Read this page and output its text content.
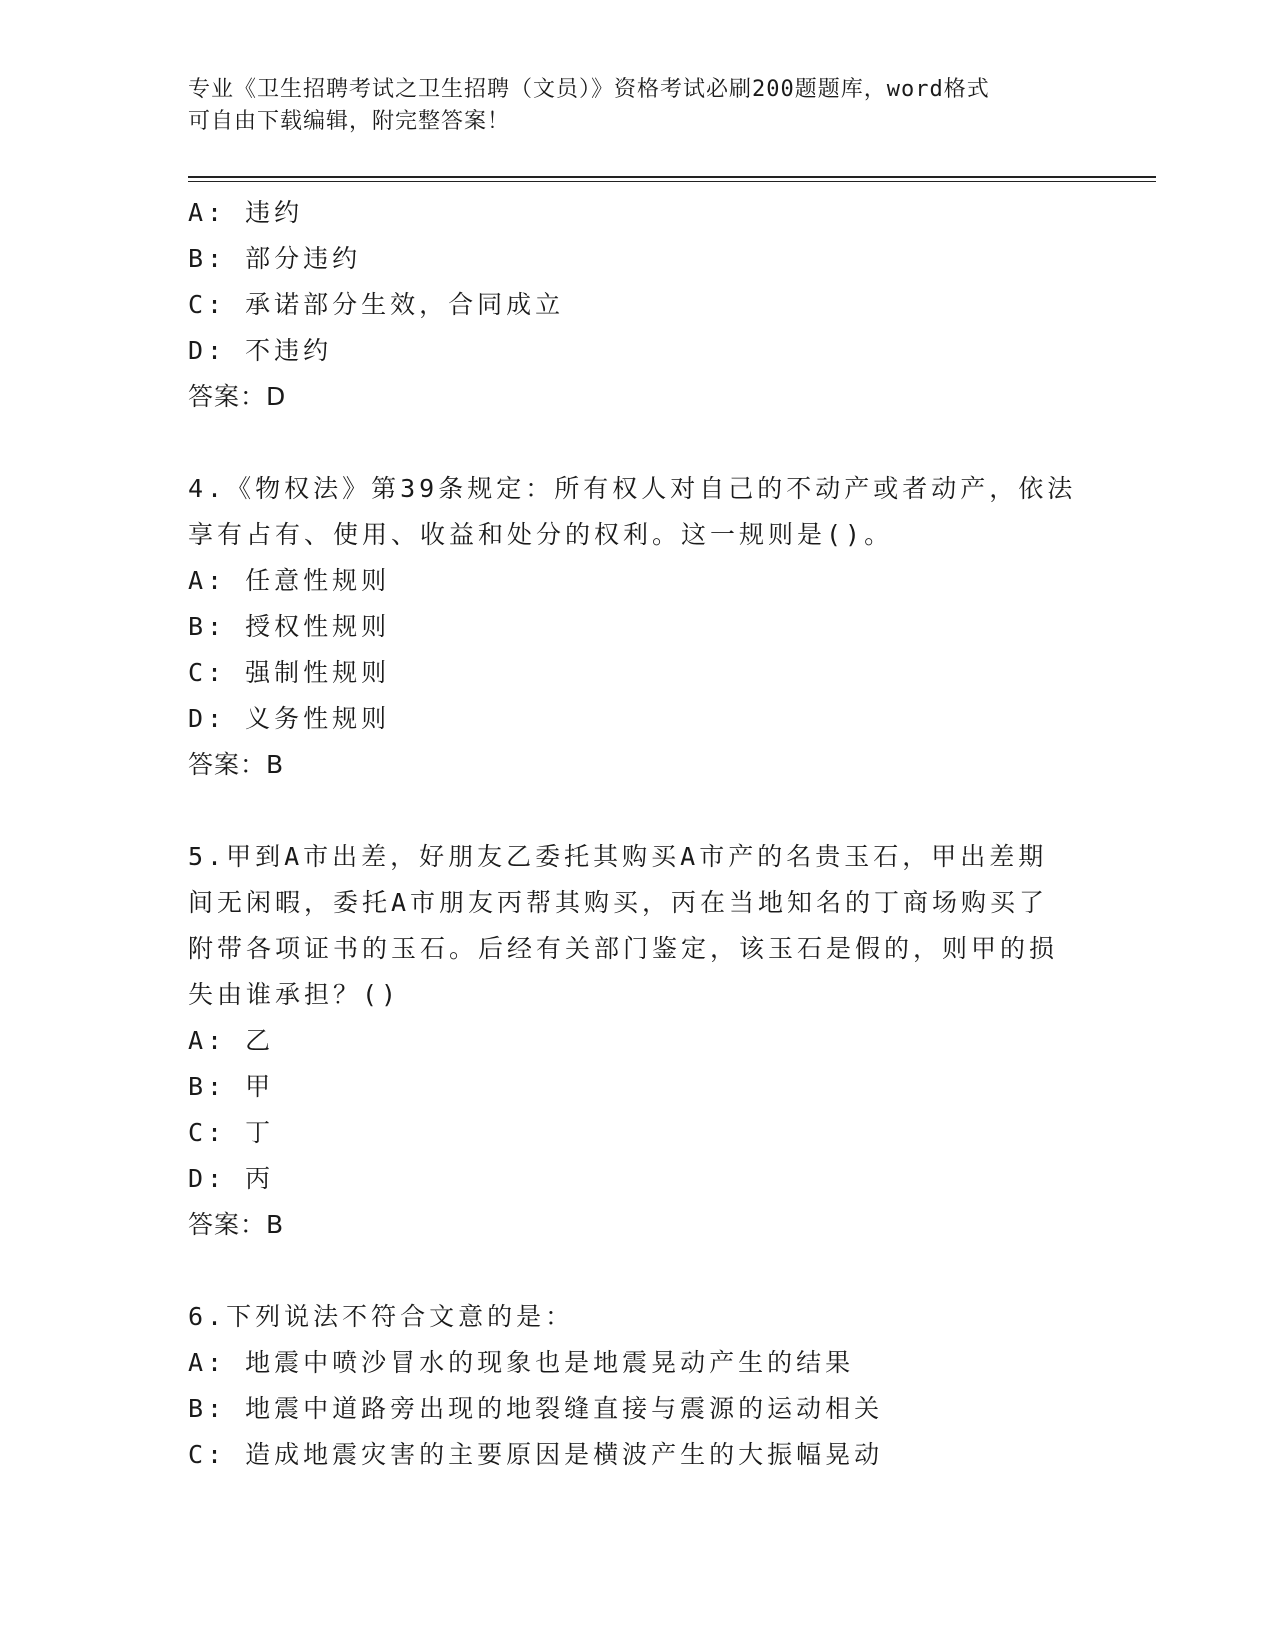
专业《卫生招聘考试之卫生招聘（文员）》资格考试必刷200题题库，word格式
可自由下载编辑，附完整答案！
A: 违约
B: 部分违约
C: 承诺部分生效，合同成立
D: 不违约
答案：D
4.《物权法》第39条规定：所有权人对自己的不动产或者动产，依法
享有占有、使用、收益和处分的权利。这一规则是()。
A: 任意性规则
B: 授权性规则
C: 强制性规则
D: 义务性规则
答案：B
5.甲到A市出差，好朋友乙委托其购买A市产的名贵玉石，甲出差期
间无闲暇，委托A市朋友丙帮其购买，丙在当地知名的丁商场购买了
附带各项证书的玉石。后经有关部门鉴定，该玉石是假的，则甲的损
失由谁承担？()
A: 乙
B: 甲
C: 丁
D: 丙
答案：B
6.下列说法不符合文意的是：
A: 地震中喷沙冒水的现象也是地震晃动产生的结果
B: 地震中道路旁出现的地裂缝直接与震源的运动相关
C: 造成地震灾害的主要原因是横波产生的大振幅晃动
